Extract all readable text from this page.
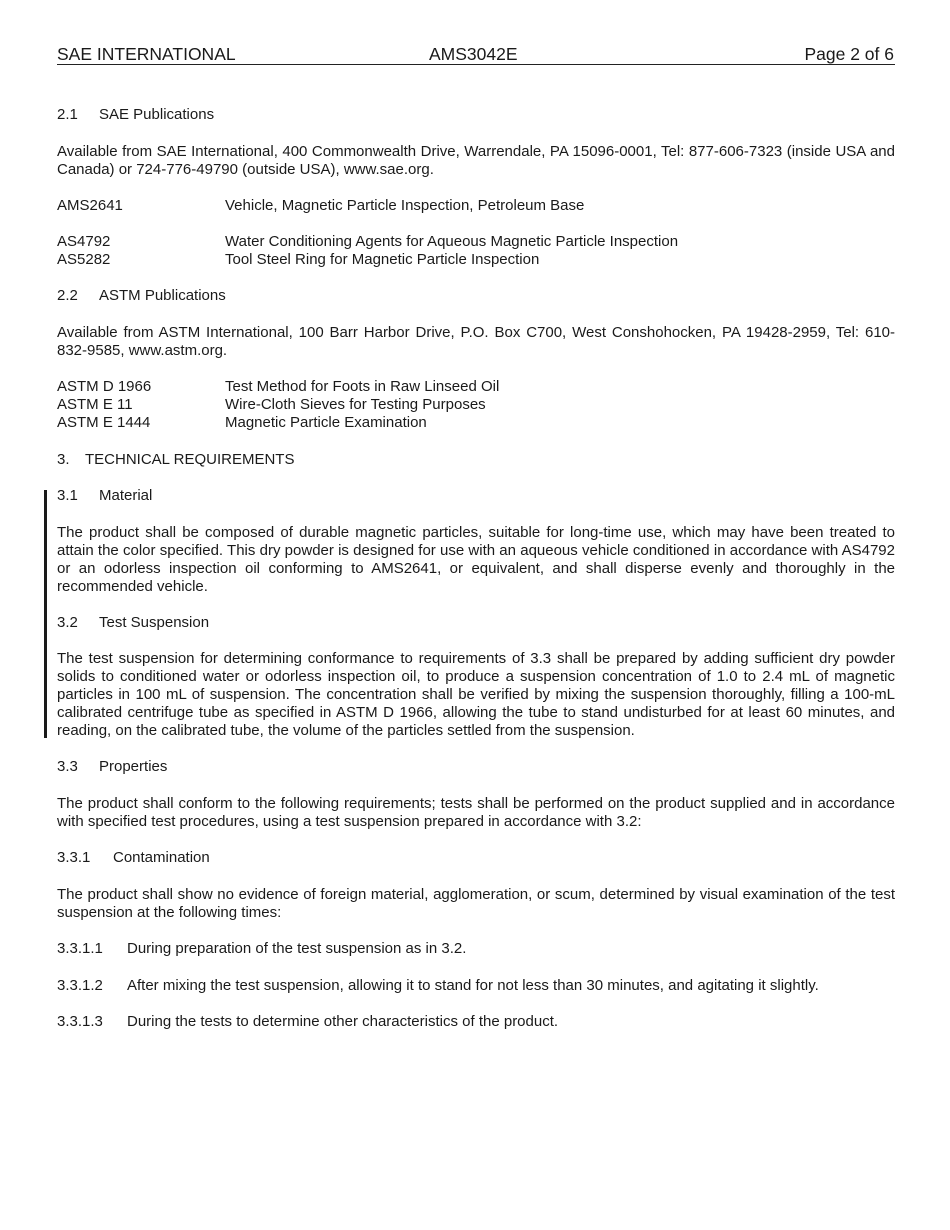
SAE INTERNATIONAL	AMS3042E	Page 2 of 6
2.1 SAE Publications
Available from SAE International, 400 Commonwealth Drive, Warrendale, PA 15096-0001, Tel: 877-606-7323 (inside USA and Canada) or 724-776-49790 (outside USA), www.sae.org.
AMS2641	Vehicle, Magnetic Particle Inspection, Petroleum Base
AS4792	Water Conditioning Agents for Aqueous Magnetic Particle Inspection
AS5282	Tool Steel Ring for Magnetic Particle Inspection
2.2 ASTM Publications
Available from ASTM International, 100 Barr Harbor Drive, P.O. Box C700, West Conshohocken, PA 19428-2959, Tel: 610-832-9585, www.astm.org.
ASTM D 1966	Test Method for Foots in Raw Linseed Oil
ASTM E 11	Wire-Cloth Sieves for Testing Purposes
ASTM E 1444	Magnetic Particle Examination
3. TECHNICAL REQUIREMENTS
3.1 Material
The product shall be composed of durable magnetic particles, suitable for long-time use, which may have been treated to attain the color specified. This dry powder is designed for use with an aqueous vehicle conditioned in accordance with AS4792 or an odorless inspection oil conforming to AMS2641, or equivalent, and shall disperse evenly and thoroughly in the recommended vehicle.
3.2 Test Suspension
The test suspension for determining conformance to requirements of 3.3 shall be prepared by adding sufficient dry powder solids to conditioned water or odorless inspection oil, to produce a suspension concentration of 1.0 to 2.4 mL of magnetic particles in 100 mL of suspension. The concentration shall be verified by mixing the suspension thoroughly, filling a 100-mL calibrated centrifuge tube as specified in ASTM D 1966, allowing the tube to stand undisturbed for at least 60 minutes, and reading, on the calibrated tube, the volume of the particles settled from the suspension.
3.3 Properties
The product shall conform to the following requirements; tests shall be performed on the product supplied and in accordance with specified test procedures, using a test suspension prepared in accordance with 3.2:
3.3.1 Contamination
The product shall show no evidence of foreign material, agglomeration, or scum, determined by visual examination of the test suspension at the following times:
3.3.1.1 During preparation of the test suspension as in 3.2.
3.3.1.2 After mixing the test suspension, allowing it to stand for not less than 30 minutes, and agitating it slightly.
3.3.1.3 During the tests to determine other characteristics of the product.
